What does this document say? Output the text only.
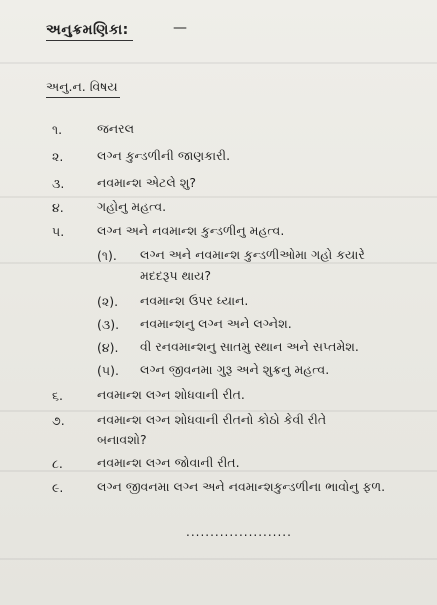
અનુક્રમણિકા:	—
અનુ.ન. વિષય
૧.	જનરલ
૨.	લગ્ન કુન્ડળીની જાણકારી.
૩.	નવમાન્શ એટલે શુ?
૪.	ગહોનુ મહત્વ.
૫.	લગ્ન અને નવમાન્શ કુન્ડળીનુ મહત્વ.
(૧). લગ્ન અને નવમાન્શ કુન્ડળીઓમા ગહો કયારે
મદદરૂપ થાય?
(૨). નવમાન્શ ઉપર ધ્યાન.
(૩). નવમાન્શનુ લગ્ન અને લગ્નેશ.
(૪). વી રનવમાન્શનુ સાતમુ સ્થાન અને સપ્તમેશ.
(૫). લગ્ન જીવનમા ગુરૂ અને શુક્રનુ મહત્વ.
૬.	નવમાન્શ લગ્ન શોધવાની રીત.
૭.	નવમાન્શ લગ્ન શોધવાની રીતનો કોઠો કેવી રીતે
બનાવશો?
૮.	નવમાન્શ લગ્ન જોવાની રીત.
૯.	લગ્ન જીવનમા લગ્ન અને નવમાન્શકુન્ડળીના ભાવોનુ ફળ.
......................
